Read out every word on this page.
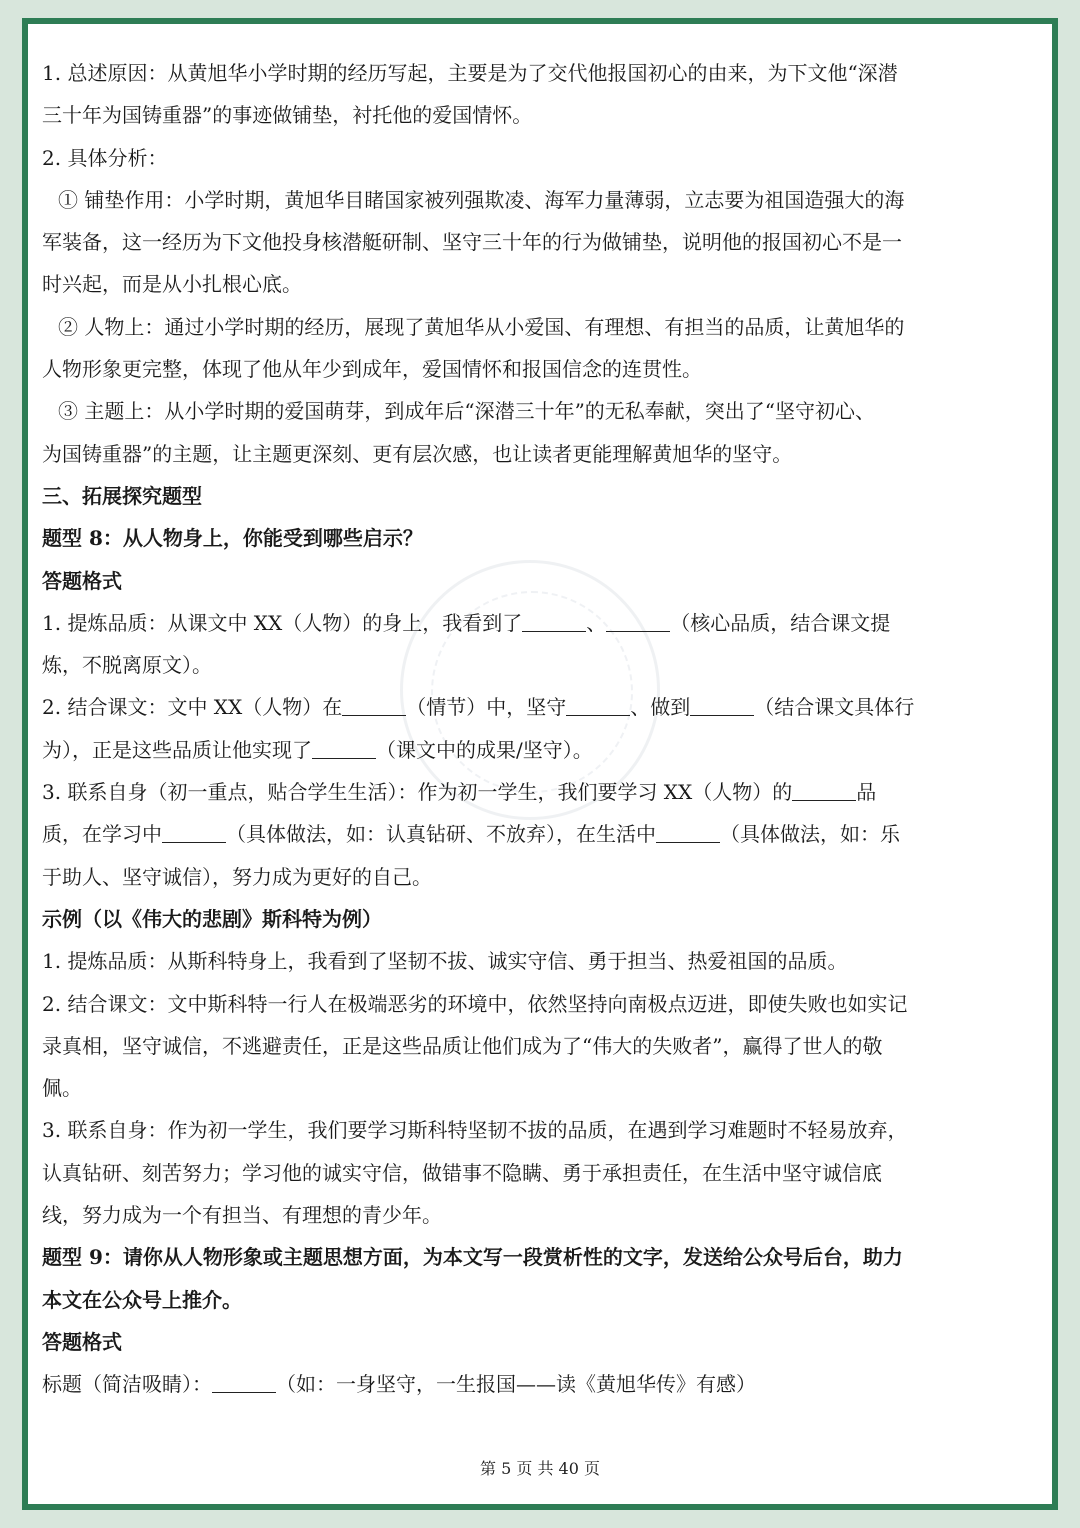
1. 总述原因：从黄旭华小学时期的经历写起，主要是为了交代他报国初心的由来，为下文他“深潜
三十年为国铸重器”的事迹做铺垫，衬托他的爱国情怀。
2. 具体分析：
① 铺垫作用：小学时期，黄旭华目睹国家被列强欺凌、海军力量薄弱，立志要为祖国造强大的海
军装备，这一经历为下文他投身核潜艇研制、坚守三十年的行为做铺垫，说明他的报国初心不是一
时兴起，而是从小扎根心底。
② 人物上：通过小学时期的经历，展现了黄旭华从小爱国、有理想、有担当的品质，让黄旭华的
人物形象更完整，体现了他从年少到成年，爱国情怀和报国信念的连贯性。
③ 主题上：从小学时期的爱国萌芽，到成年后“深潜三十年”的无私奉献，突出了“坚守初心、
为国铸重器”的主题，让主题更深刻、更有层次感，也让读者更能理解黄旭华的坚守。
三、拓展探究题型
题型 8：从人物身上，你能受到哪些启示？
答题格式
1. 提炼品质：从课文中 XX（人物）的身上，我看到了	、	（核心品质，结合课文提
炼，不脱离原文）。
2. 结合课文：文中 XX（人物）在	（情节）中，坚守	、做到	（结合课文具体行
为），正是这些品质让他实现了	（课文中的成果/坚守）。
3. 联系自身（初一重点，贴合学生生活）：作为初一学生，我们要学习 XX（人物）的	品
质，在学习中	（具体做法，如：认真钻研、不放弃），在生活中	（具体做法，如：乐
于助人、坚守诚信），努力成为更好的自己。
示例（以《伟大的悲剧》斯科特为例）
1. 提炼品质：从斯科特身上，我看到了坚韧不拔、诚实守信、勇于担当、热爱祖国的品质。
2. 结合课文：文中斯科特一行人在极端恶劣的环境中，依然坚持向南极点迈进，即使失败也如实记
录真相，坚守诚信，不逃避责任，正是这些品质让他们成为了“伟大的失败者”，赢得了世人的敬
佩。
3. 联系自身：作为初一学生，我们要学习斯科特坚韧不拔的品质，在遇到学习难题时不轻易放弃，
认真钻研、刻苦努力；学习他的诚实守信，做错事不隐瞒、勇于承担责任，在生活中坚守诚信底
线，努力成为一个有担当、有理想的青少年。
题型 9：请你从人物形象或主题思想方面，为本文写一段赏析性的文字，发送给公众号后台，助力
本文在公众号上推介。
答题格式
标题（简洁吸睛）：	（如：一身坚守，一生报国——读《黄旭华传》有感）
第 5 页 共 40 页
